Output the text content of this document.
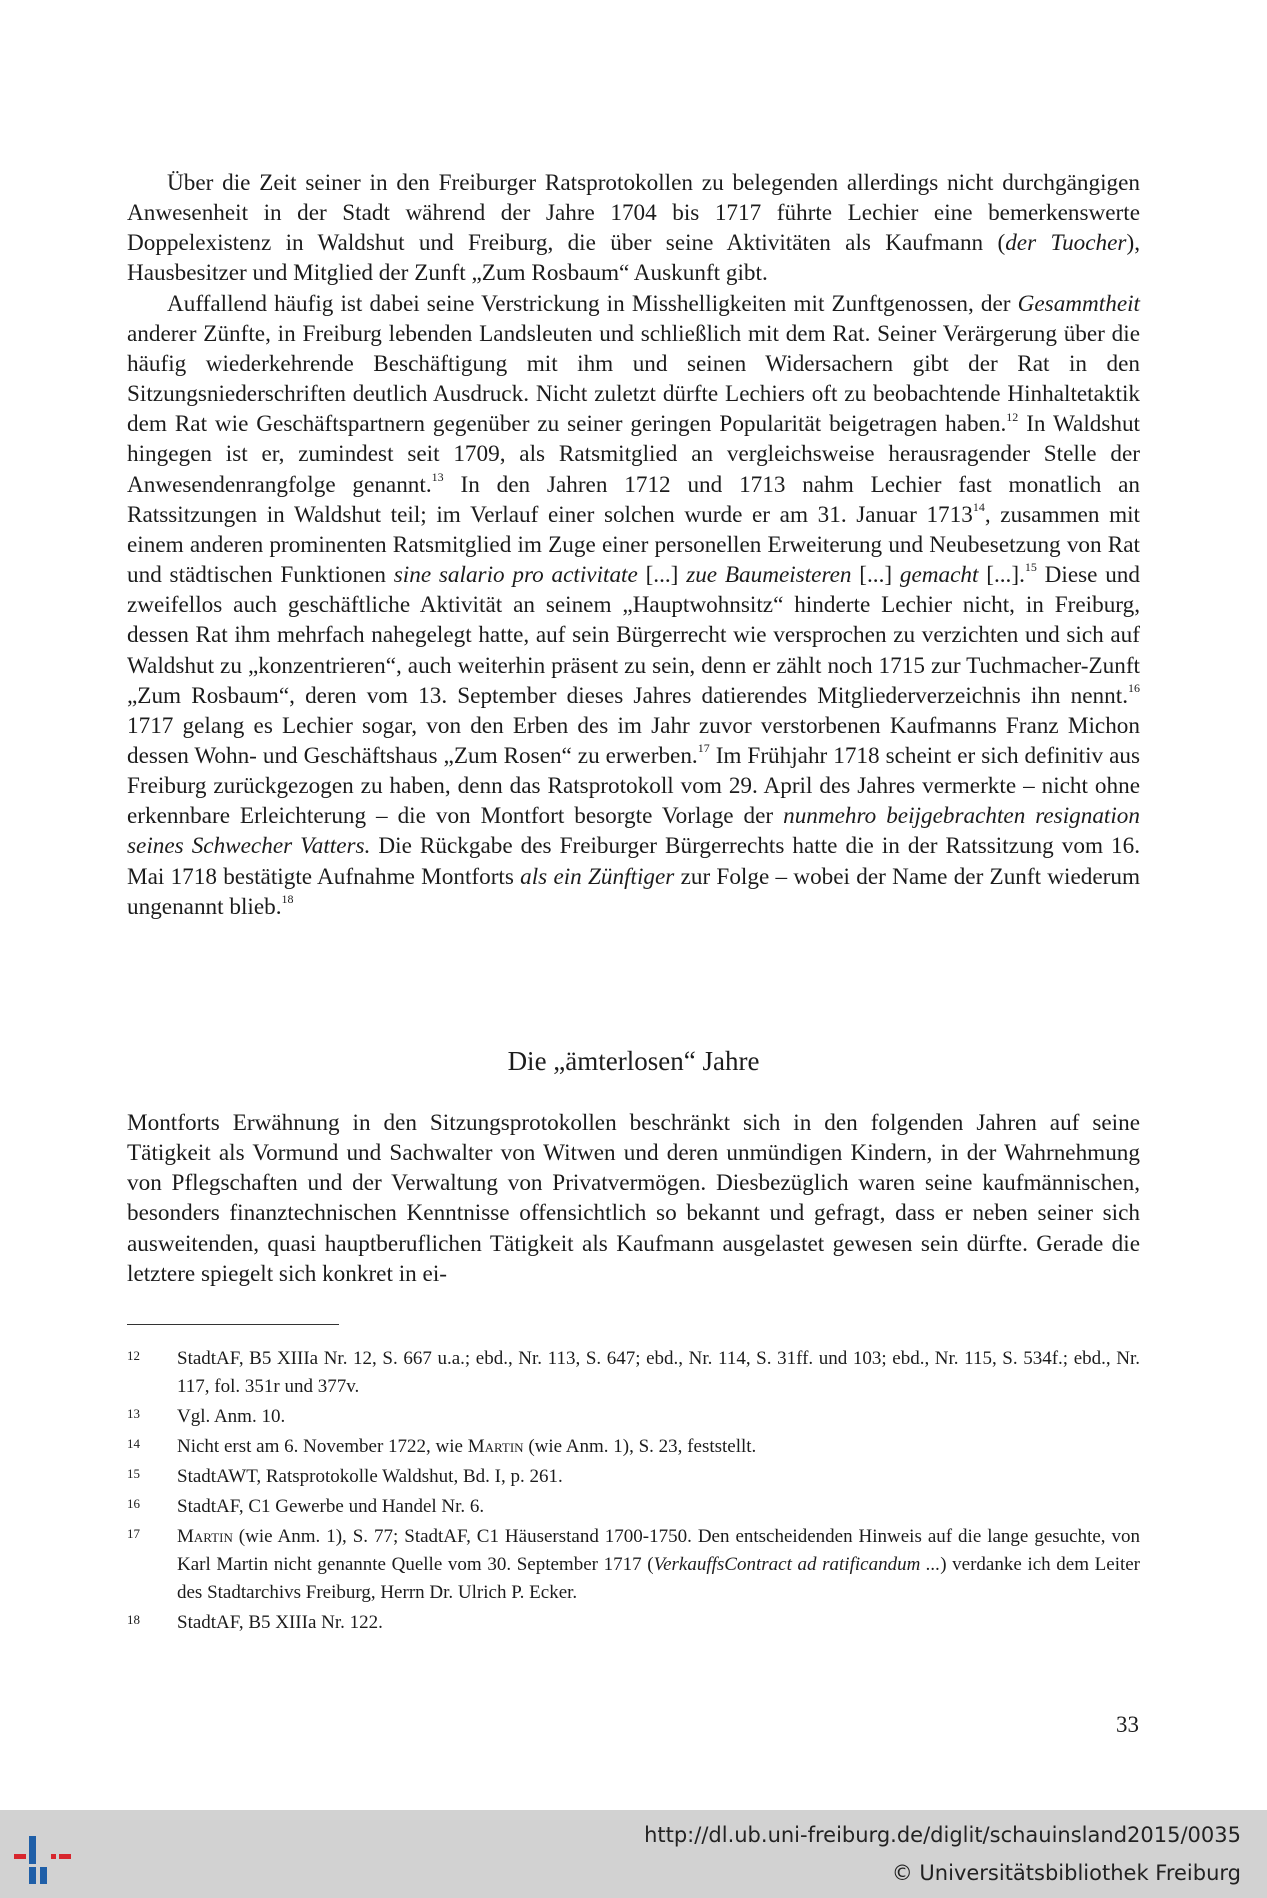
Über die Zeit seiner in den Freiburger Ratsprotokollen zu belegenden allerdings nicht durchgängigen Anwesenheit in der Stadt während der Jahre 1704 bis 1717 führte Lechier eine bemerkenswerte Doppelexistenz in Waldshut und Freiburg, die über seine Aktivitäten als Kaufmann (der Tuocher), Hausbesitzer und Mitglied der Zunft „Zum Rosbaum“ Auskunft gibt.

Auffallend häufig ist dabei seine Verstrickung in Misshelligkeiten mit Zunftgenossen, der Gesammtheit anderer Zünfte, in Freiburg lebenden Landsleuten und schließlich mit dem Rat. Seiner Verärgerung über die häufig wiederkehrende Beschäftigung mit ihm und seinen Widersachern gibt der Rat in den Sitzungsniederschriften deutlich Ausdruck. Nicht zuletzt dürfte Lechiers oft zu beobachtende Hinhaltetaktik dem Rat wie Geschäftspartnern gegenüber zu seiner geringen Popularität beigetragen haben.$^{12}$ In Waldshut hingegen ist er, zumindest seit 1709, als Ratsmitglied an vergleichsweise herausragender Stelle der Anwesendenrangfolge genannt.$^{13}$ In den Jahren 1712 und 1713 nahm Lechier fast monatlich an Ratssitzungen in Waldshut teil; im Verlauf einer solchen wurde er am 31. Januar 1713$^{14}$, zusammen mit einem anderen prominenten Ratsmitglied im Zuge einer personellen Erweiterung und Neubesetzung von Rat und städtischen Funktionen sine salario pro activitate [...] zue Baumeisteren [...] gemacht [...].$^{15}$ Diese und zweifellos auch geschäftliche Aktivität an seinem „Hauptwohnsitz“ hinderte Lechier nicht, in Freiburg, dessen Rat ihm mehrfach nahegelegt hatte, auf sein Bürgerrecht wie versprochen zu verzichten und sich auf Waldshut zu „konzentrieren“, auch weiterhin präsent zu sein, denn er zählt noch 1715 zur Tuchmacher-Zunft „Zum Rosbaum“, deren vom 13. September dieses Jahres datierendes Mitgliederverzeichnis ihn nennt.$^{16}$ 1717 gelang es Lechier sogar, von den Erben des im Jahr zuvor verstorbenen Kaufmanns Franz Michon dessen Wohn- und Geschäftshaus „Zum Rosen“ zu erwerben.$^{17}$ Im Frühjahr 1718 scheint er sich definitiv aus Freiburg zurückgezogen zu haben, denn das Ratsprotokoll vom 29. April des Jahres vermerkte – nicht ohne erkennbare Erleichterung – die von Montfort besorgte Vorlage der nunmehro beijgebrachten resignation seines Schwecher Vatters. Die Rückgabe des Freiburger Bürgerrechts hatte die in der Ratssitzung vom 16. Mai 1718 bestätigte Aufnahme Montforts als ein Zünftiger zur Folge – wobei der Name der Zunft wiederum ungenannt blieb.$^{18}$

Die „ämterlosen“ Jahre

Montforts Erwähnung in den Sitzungsprotokollen beschränkt sich in den folgenden Jahren auf seine Tätigkeit als Vormund und Sachwalter von Witwen und deren unmündigen Kindern, in der Wahrnehmung von Pflegschaften und der Verwaltung von Privatvermögen. Diesbezüglich waren seine kaufmännischen, besonders finanztechnischen Kenntnisse offensichtlich so bekannt und gefragt, dass er neben seiner sich ausweitenden, quasi hauptberuflichen Tätigkeit als Kaufmann ausgelastet gewesen sein dürfte. Gerade die letztere spiegelt sich konkret in ei-

12 StadtAF, B5 XIIIa Nr. 12, S. 667 u.a.; ebd., Nr. 113, S. 647; ebd., Nr. 114, S. 31ff. und 103; ebd., Nr. 115, S. 534f.; ebd., Nr. 117, fol. 351r und 377v.
13 Vgl. Anm. 10.
14 Nicht erst am 6. November 1722, wie Martin (wie Anm. 1), S. 23, feststellt.
15 StadtAWT, Ratsprotokolle Waldshut, Bd. I, p. 261.
16 StadtAF, C1 Gewerbe und Handel Nr. 6.
17 Martin (wie Anm. 1), S. 77; StadtAF, C1 Häuserstand 1700-1750. Den entscheidenden Hinweis auf die lange gesuchte, von Karl Martin nicht genannte Quelle vom 30. September 1717 (VerkauffsContract ad ratificandum ...) verdanke ich dem Leiter des Stadtarchivs Freiburg, Herrn Dr. Ulrich P. Ecker.
18 StadtAF, B5 XIIIa Nr. 122.
33
http://dl.ub.uni-freiburg.de/diglit/schauinsland2015/0035
© Universitätsbibliothek Freiburg
